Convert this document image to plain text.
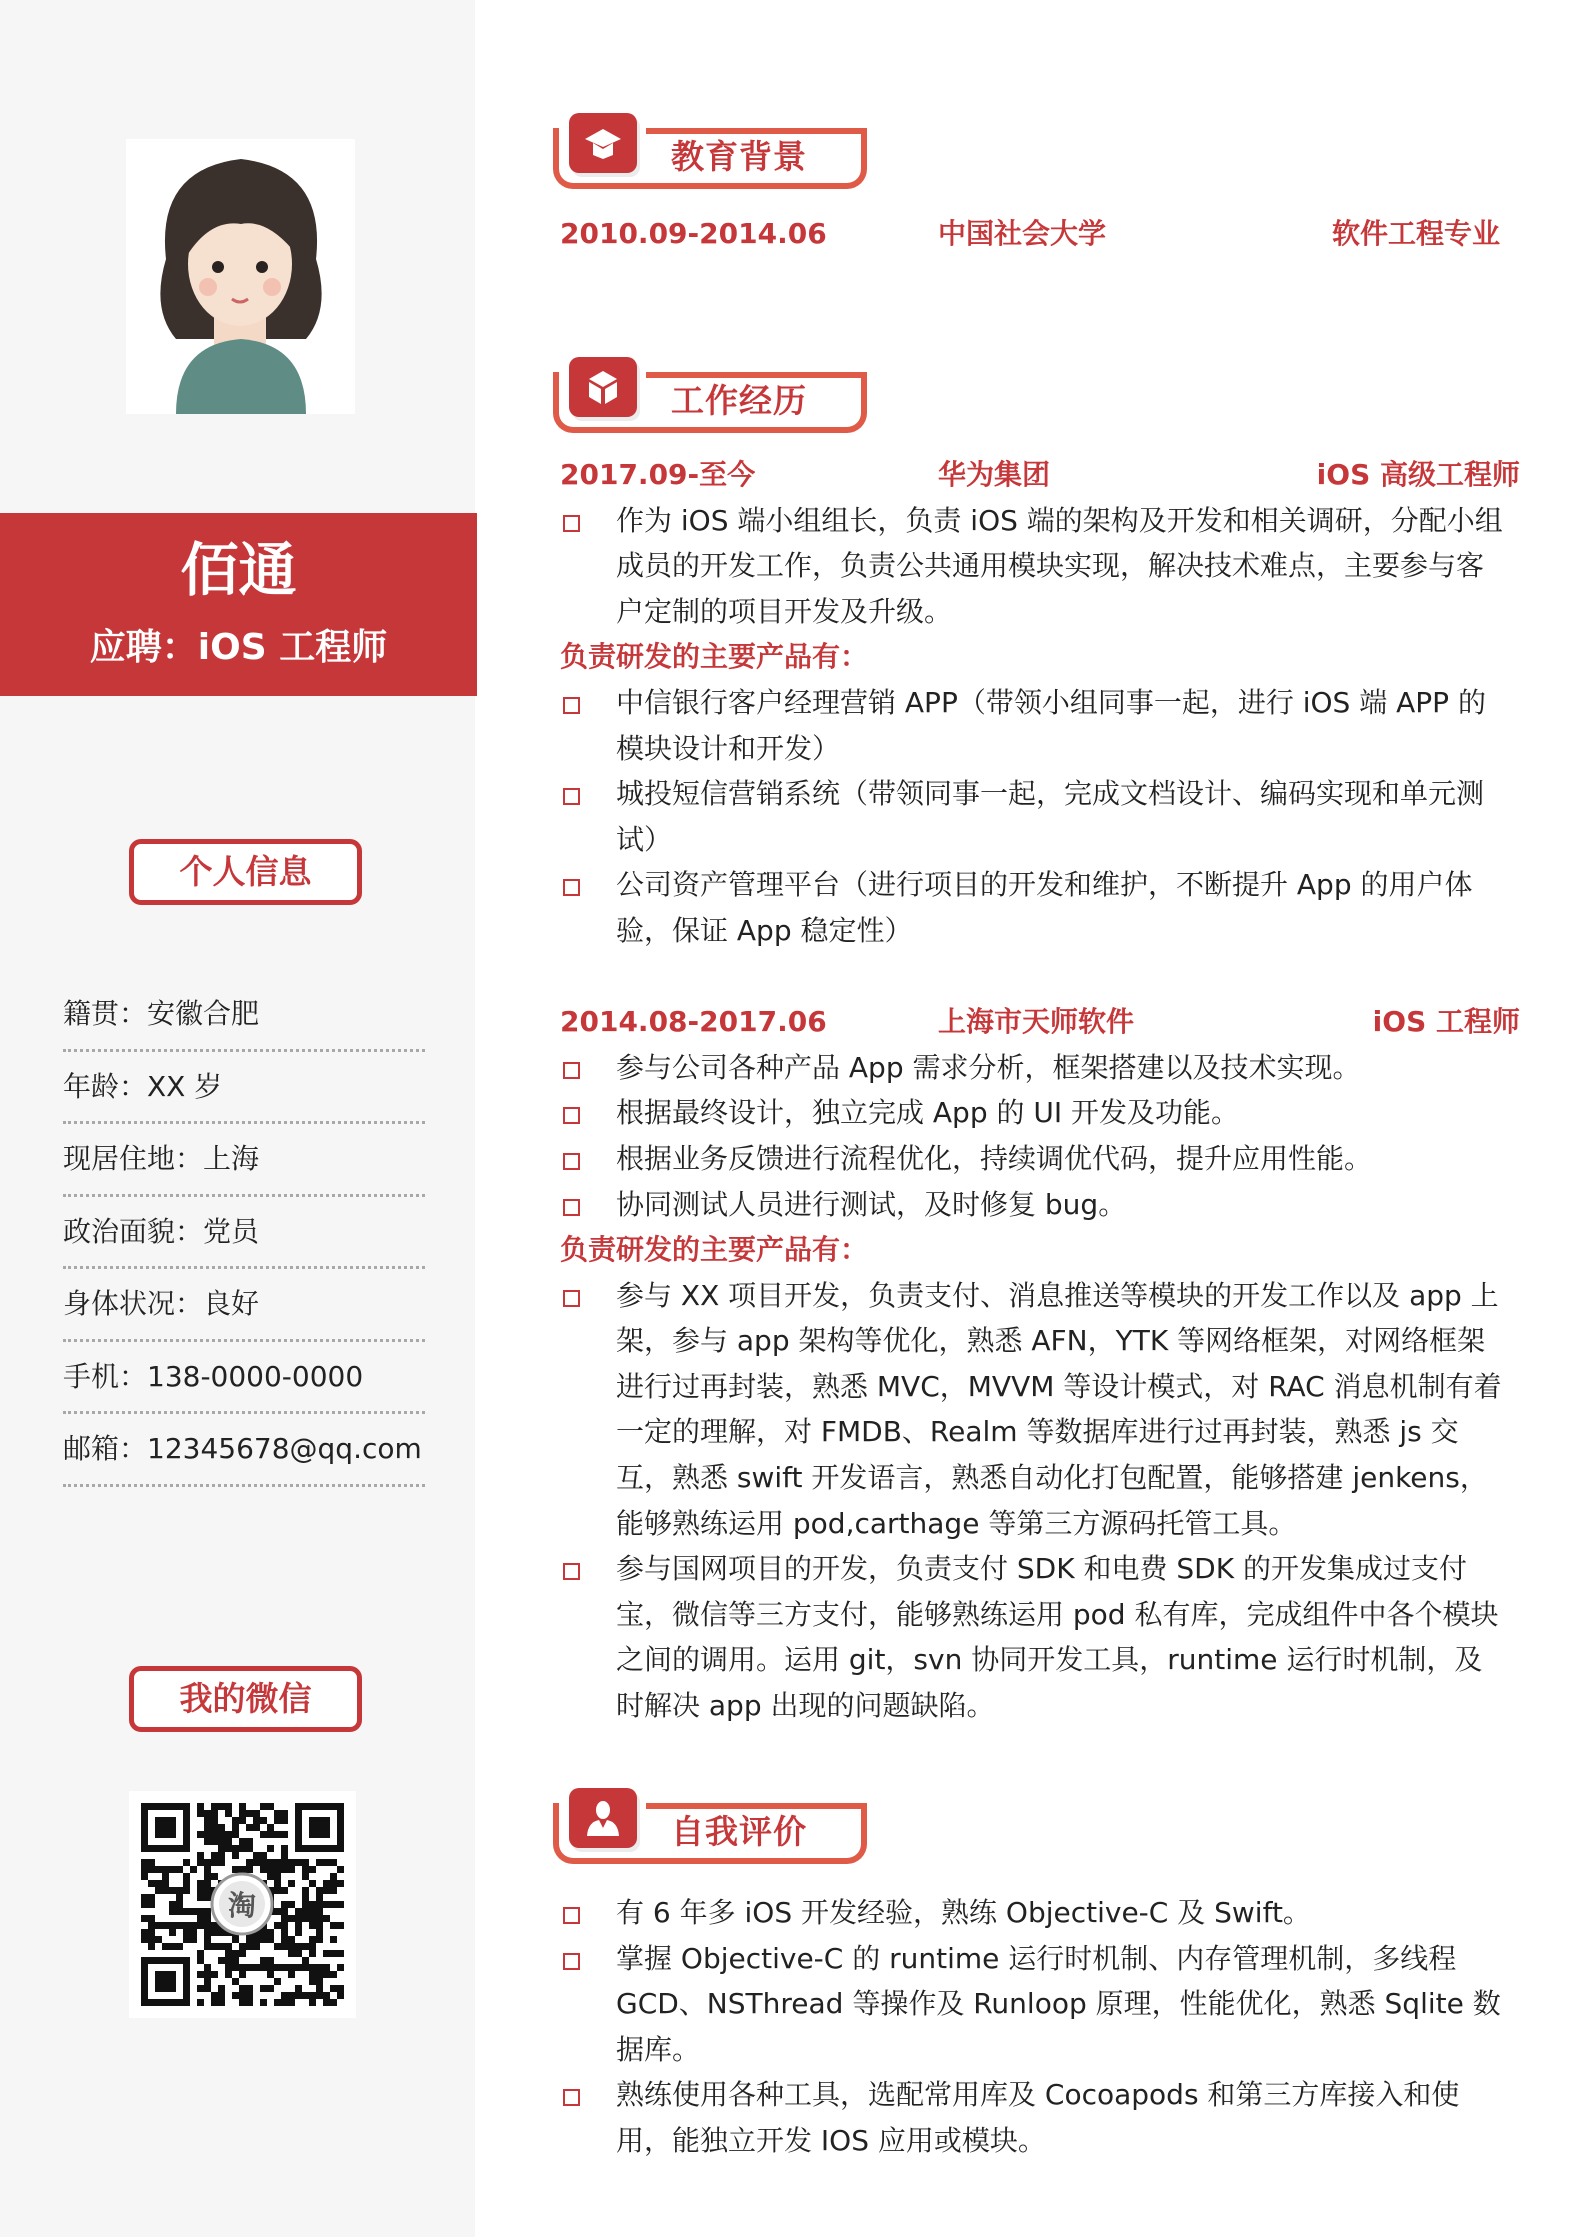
佰通
应聘：iOS 工程师
个人信息
籍贯：安徽合肥
年龄：XX 岁
现居住地：上海
政治面貌：党员
身体状况：良好
手机：138-0000-0000
邮箱：12345678@qq.com
我的微信
淘
教育背景
2010.09-2014.06	中国社会大学	软件工程专业
工作经历
2017.09-至今	华为集团	iOS 高级工程师
作为 iOS 端小组组长，负责 iOS 端的架构及开发和相关调研，分配小组成员的开发工作，负责公共通用模块实现，解决技术难点，主要参与客户定制的项目开发及升级。
负责研发的主要产品有：
中信银行客户经理营销 APP（带领小组同事一起，进行 iOS 端 APP 的模块设计和开发）
城投短信营销系统（带领同事一起，完成文档设计、编码实现和单元测试）
公司资产管理平台（进行项目的开发和维护，不断提升 App 的用户体验，保证 App 稳定性）
2014.08-2017.06	上海市天师软件	iOS 工程师
参与公司各种产品 App 需求分析，框架搭建以及技术实现。
根据最终设计，独立完成 App 的 UI 开发及功能。
根据业务反馈进行流程优化，持续调优代码，提升应用性能。
协同测试人员进行测试，及时修复 bug。
负责研发的主要产品有：
参与 XX 项目开发，负责支付、消息推送等模块的开发工作以及 app 上架，参与 app 架构等优化，熟悉 AFN，YTK 等网络框架，对网络框架进行过再封装，熟悉 MVC，MVVM 等设计模式，对 RAC 消息机制有着一定的理解，对 FMDB、Realm 等数据库进行过再封装，熟悉 js 交互，熟悉 swift 开发语言，熟悉自动化打包配置，能够搭建 jenkens，能够熟练运用 pod,carthage 等第三方源码托管工具。
参与国网项目的开发，负责支付 SDK 和电费 SDK 的开发集成过支付宝，微信等三方支付，能够熟练运用 pod 私有库，完成组件中各个模块之间的调用。运用 git，svn 协同开发工具，runtime 运行时机制，及时解决 app 出现的问题缺陷。
自我评价
有 6 年多 iOS 开发经验，熟练 Objective-C 及 Swift。
掌握 Objective-C 的 runtime 运行时机制、内存管理机制，多线程 GCD、NSThread 等操作及 Runloop 原理，性能优化，熟悉 Sqlite 数据库。
熟练使用各种工具，选配常用库及 Cocoapods 和第三方库接入和使用，能独立开发 IOS 应用或模块。
